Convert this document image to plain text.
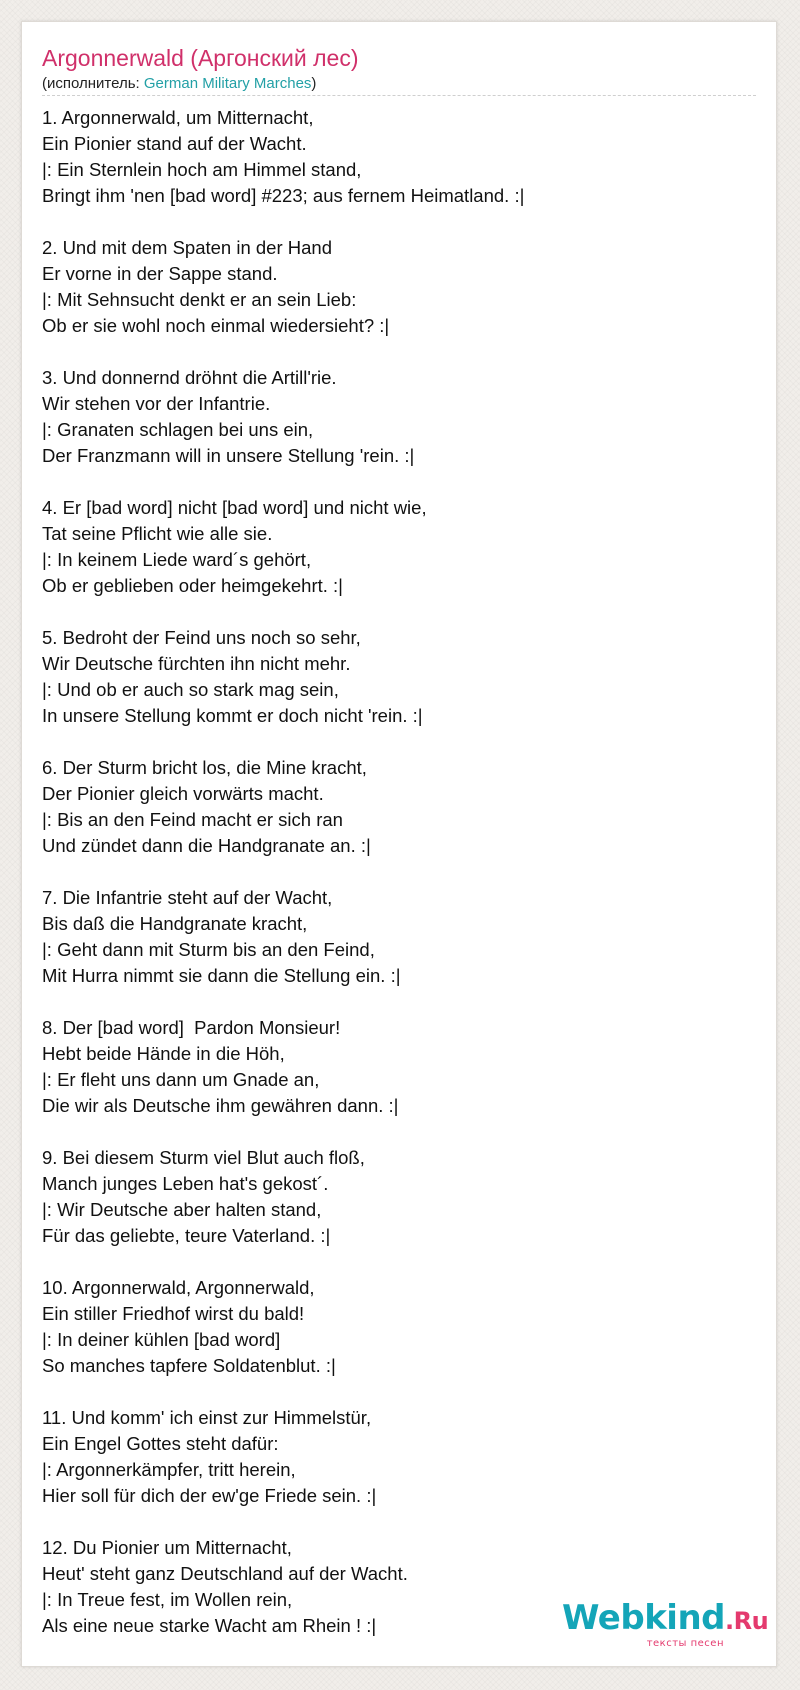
Argonnerwald (Аргонский лес)
(исполнитель: German Military Marches)
1. Argonnerwald, um Mitternacht,
Ein Pionier stand auf der Wacht.
|: Ein Sternlein hoch am Himmel stand,
Bringt ihm 'nen [bad word] #223; aus fernem Heimatland. :|
2. Und mit dem Spaten in der Hand
Er vorne in der Sappe stand.
|: Mit Sehnsucht denkt er an sein Lieb:
Ob er sie wohl noch einmal wiedersieht? :|
3. Und donnernd dröhnt die Artill'rie.
Wir stehen vor der Infantrie.
|: Granaten schlagen bei uns ein,
Der Franzmann will in unsere Stellung 'rein. :|
4. Er [bad word] nicht [bad word] und nicht wie,
Tat seine Pflicht wie alle sie.
|: In keinem Liede ward´s gehört,
Ob er geblieben oder heimgekehrt. :|
5. Bedroht der Feind uns noch so sehr,
Wir Deutsche fürchten ihn nicht mehr.
|: Und ob er auch so stark mag sein,
In unsere Stellung kommt er doch nicht 'rein. :|
6. Der Sturm bricht los, die Mine kracht,
Der Pionier gleich vorwärts macht.
|: Bis an den Feind macht er sich ran
Und zündet dann die Handgranate an. :|
7. Die Infantrie steht auf der Wacht,
Bis daß die Handgranate kracht,
|: Geht dann mit Sturm bis an den Feind,
Mit Hurra nimmt sie dann die Stellung ein. :|
8. Der [bad word]  Pardon Monsieur!
Hebt beide Hände in die Höh,
|: Er fleht uns dann um Gnade an,
Die wir als Deutsche ihm gewähren dann. :|
9. Bei diesem Sturm viel Blut auch floß,
Manch junges Leben hat's gekost´.
|: Wir Deutsche aber halten stand,
Für das geliebte, teure Vaterland. :|
10. Argonnerwald, Argonnerwald,
Ein stiller Friedhof wirst du bald!
|: In deiner kühlen [bad word]
So manches tapfere Soldatenblut. :|
11. Und komm' ich einst zur Himmelstür,
Ein Engel Gottes steht dafür:
|: Argonnerkämpfer, tritt herein,
Hier soll für dich der ew'ge Friede sein. :|
12. Du Pionier um Mitternacht,
Heut' steht ganz Deutschland auf der Wacht.
|: In Treue fest, im Wollen rein,
Als eine neue starke Wacht am Rhein ! :|	Webkind.Ru
тексты песен
